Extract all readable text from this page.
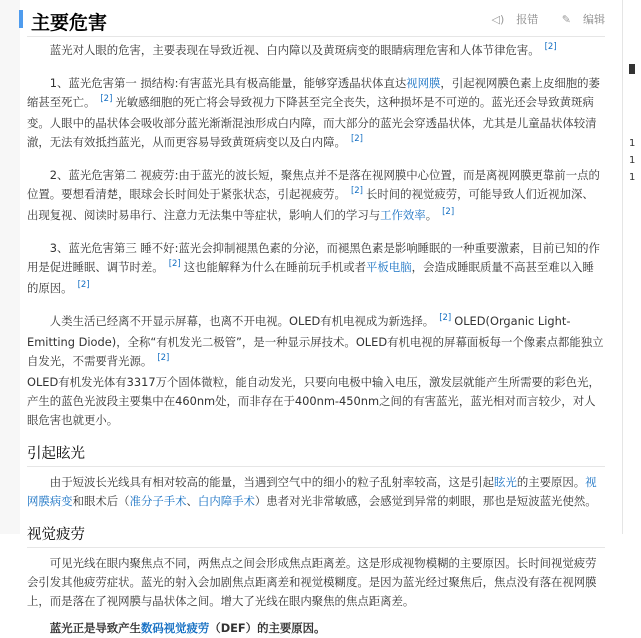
主要危害	◁) 报错 ✎ 编辑

蓝光对人眼的危害，主要表现在导致近视、白内障以及黄斑病变的眼睛病理危害和人体节律危害。 [2]

1、蓝光危害第一 损结构:有害蓝光具有极高能量，能够穿透晶状体直达视网膜，引起视网膜色素上皮细胞的萎缩甚至死亡。 [2] 光敏感细胞的死亡将会导致视力下降甚至完全丧失，这种损坏是不可逆的。蓝光还会导致黄斑病变。人眼中的晶状体会吸收部分蓝光渐渐混浊形成白内障，而大部分的蓝光会穿透晶状体，尤其是儿童晶状体较清澈，无法有效抵挡蓝光，从而更容易导致黄斑病变以及白内障。 [2]

2、蓝光危害第二 视疲劳:由于蓝光的波长短，聚焦点并不是落在视网膜中心位置，而是离视网膜更靠前一点的位置。要想看清楚，眼球会长时间处于紧张状态，引起视疲劳。 [2] 长时间的视觉疲劳，可能导致人们近视加深、出现复视、阅读时易串行、注意力无法集中等症状，影响人们的学习与工作效率。 [2]

3、蓝光危害第三 睡不好:蓝光会抑制褪黑色素的分泌，而褪黑色素是影响睡眠的一种重要激素，目前已知的作用是促进睡眠、调节时差。 [2] 这也能解释为什么在睡前玩手机或者平板电脑，会造成睡眠质量不高甚至难以入睡的原因。 [2]

人类生活已经离不开显示屏幕，也离不开电视。OLED有机电视成为新选择。 [2] OLED(Organic Light-Emitting Diode)，全称“有机发光二极管”，是一种显示屏技术。OLED有机电视的屏幕面板每一个像素点都能独立自发光，不需要背光源。 [2]

OLED有机发光体有3317万个固体微粒，能自动发光，只要向电极中输入电压，激发层就能产生所需要的彩色光，产生的蓝色光波段主要集中在460nm处，而非存在于400nm-450nm之间的有害蓝光，蓝光相对而言较少，对人眼危害也就更小。

引起眩光

由于短波长光线具有相对较高的能量，当遇到空气中的细小的粒子乱射率较高，这是引起眩光的主要原因。视网膜病变和眼术后（准分子手术、白内障手术）患者对光非常敏感，会感觉到异常的刺眼，那也是短波蓝光使然。

视觉疲劳

可见光线在眼内聚焦点不同，两焦点之间会形成焦点距离差。这是形成视物模糊的主要原因。长时间视觉疲劳会引发其他疲劳症状。蓝光的射入会加剧焦点距离差和视觉模糊度。是因为蓝光经过聚焦后，焦点没有落在视网膜上，而是落在了视网膜与晶状体之间。增大了光线在眼内聚焦的焦点距离差。

蓝光正是导致产生数码视觉疲劳（DEF）的主要原因。

1
1
1
